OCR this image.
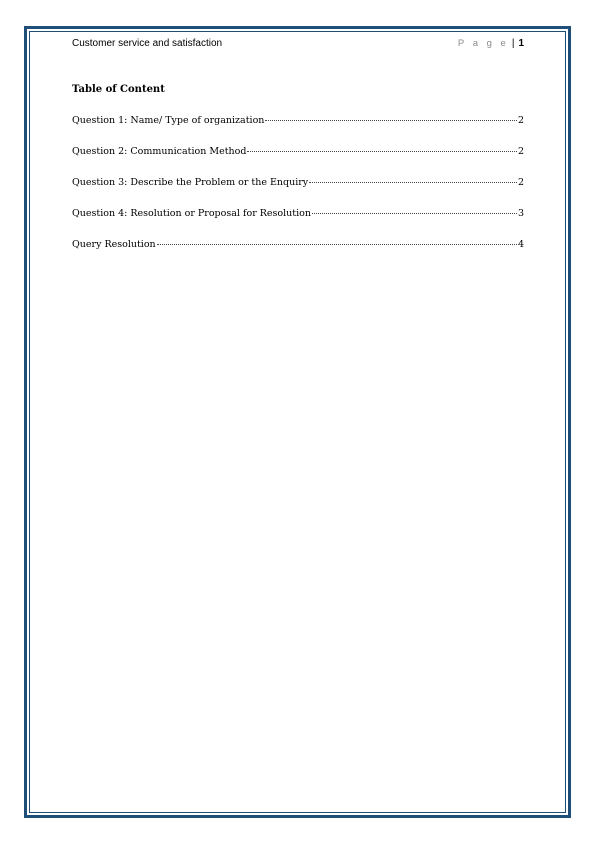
Customer service and satisfaction	P a g e | 1
Table of Content
Question 1: Name/ Type of organization	2
Question 2: Communication Method	2
Question 3: Describe the Problem or the Enquiry	2
Question 4: Resolution or Proposal for Resolution	3
Query Resolution	4
